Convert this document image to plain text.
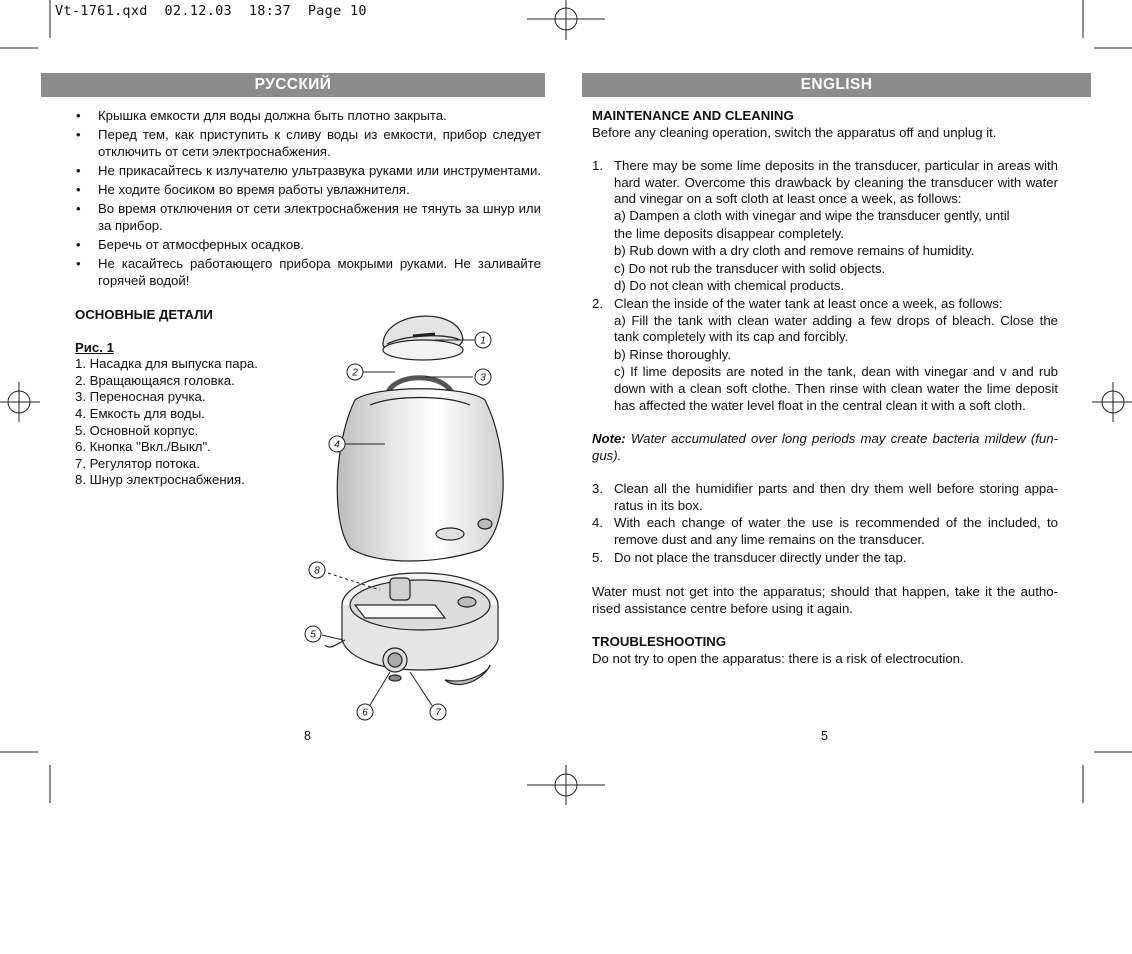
Vt-1761.qxd  02.12.03  18:37  Page 10
РУССКИЙ	ENGLISH
• Крышка емкости для воды должна быть плотно закрыта.
• Перед тем, как приступить к сливу воды из емкости, прибор следует отключить от сети электроснабжения.
• Не прикасайтесь к излучателю ультразвука руками или инструментами.
• Не ходите босиком во время работы увлажнителя.
• Во время отключения от сети электроснабжения не тянуть за шнур или за прибор.
• Беречь от атмосферных осадков.
• Не касайтесь работающего прибора мокрыми руками. Не заливайте горячей водой!
ОСНОВНЫЕ ДЕТАЛИ
Рис. 1
1. Насадка для выпуска пара.
2. Вращающаяся головка.
3. Переносная ручка.
4. Емкость для воды.
5. Основной корпус.
6. Кнопка "Вкл./Выкл".
7. Регулятор потока.
8. Шнур электроснабжения.
1
2	3
4
5
6	7
8
MAINTENANCE AND CLEANING
Before any cleaning operation, switch the apparatus off and unplug it.
1. There may be some lime deposits in the transducer, particular in areas with hard water. Overcome this drawback by cleaning the transducer with water and vinegar on a soft cloth at least once a week, as follows:
a) Dampen a cloth with vinegar and wipe the transducer gently, until
the lime deposits disappear completely.
b) Rub down with a dry cloth and remove remains of humidity.
c) Do not rub the transducer with solid objects.
d) Do not clean with chemical products.
2. Clean the inside of the water tank at least once a week, as follows:
a) Fill the tank with clean water adding a few drops of bleach. Close the tank completely with its cap and forcibly.
b) Rinse thoroughly.
c) If lime deposits are noted in the tank, dean with vinegar and v and rub down with a clean soft clothe. Then rinse with clean water the lime deposit has affected the water level float in the central clean it with a soft cloth.
Note: Water accumulated over long periods may create bacteria mildew (fun-gus).
3. Clean all the humidifier parts and then dry them well before storing appa-ratus in its box.
4. With each change of water the use is recommended of the included, to remove dust and any lime remains on the transducer.
5. Do not place the transducer directly under the tap.
Water must not get into the apparatus; should that happen, take it the autho-rised assistance centre before using it again.
TROUBLESHOOTING
Do not try to open the apparatus: there is a risk of electrocution.
8	5
